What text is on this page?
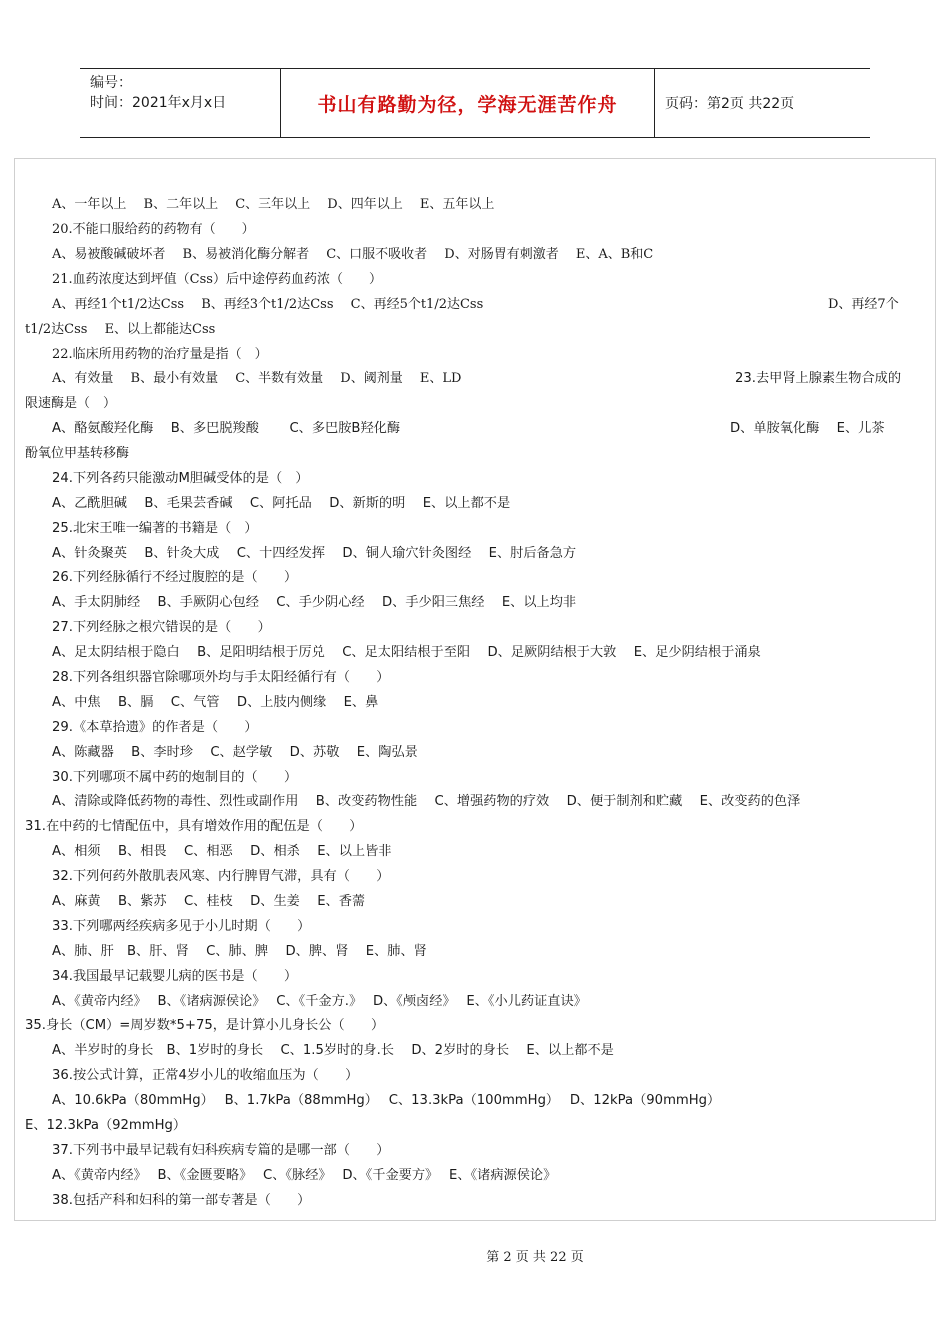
编号：
时间：2021年x月x日	书山有路勤为径，学海无涯苦作舟	页码：第2页 共22页
A、一年以上　 B、二年以上　 C、三年以上　 D、四年以上　 E、五年以上
20.不能口服给药的药物有（　　）
A、易被酸碱破坏者　 B、易被消化酶分解者　 C、口服不吸收者　 D、对肠胃有刺激者　 E、A、B和C
21.血药浓度达到坪值（Css）后中途停药血药浓（　　）
A、再经1个t1/2达Css　 B、再经3个t1/2达Css　 C、再经5个t1/2达Css	D、再经7个
t1/2达Css　 E、以上都能达Css
22.临床所用药物的治疗量是指（　）
A、有效量　 B、最小有效量　 C、半数有效量　 D、阈剂量　 E、LD	23.去甲肾上腺素生物合成的
限速酶是（　）
A、酪氨酸羟化酶　 B、多巴脱羧酸　　 C、多巴胺Β羟化酶	D、单胺氧化酶　 E、儿茶
酚氧位甲基转移酶
24.下列各药只能激动Μ胆碱受体的是（　）
A、乙酰胆碱　 B、毛果芸香碱　 C、阿托品　 D、新斯的明　 E、以上都不是
25.北宋王唯一编著的书籍是（　）
A、针灸聚英　 B、针灸大成　 C、十四经发挥　 D、铜人瑜穴针灸图经　 E、肘后备急方
26.下列经脉循行不经过腹腔的是（　　）
A、手太阴肺经　 B、手厥阴心包经　 C、手少阴心经　 D、手少阳三焦经　 E、以上均非
27.下列经脉之根穴错误的是（　　）
A、足太阴结根于隐白　 B、足阳明结根于厉兑　 C、足太阳结根于至阳　 D、足厥阴结根于大敦　 E、足少阴结根于涌泉
28.下列各组织器官除哪项外均与手太阳经循行有（　　）
A、中焦　 B、膈　 C、气管　 D、上肢内侧缘　 E、鼻
29.《本草拾遗》的作者是（　　）
A、陈藏器　 B、李时珍　 C、赵学敏　 D、苏敬　 E、陶弘景
30.下列哪项不属中药的炮制目的（　　）
A、清除或降低药物的毒性、烈性或副作用　 B、改变药物性能　 C、增强药物的疗效　 D、便于制剂和贮藏　 E、改变药的色泽
31.在中药的七情配伍中，具有增效作用的配伍是（　　）
A、相须　 B、相畏　 C、相恶　 D、相杀　 E、以上皆非
32.下列何药外散肌表风寒、内行脾胃气滞，具有（　　）
A、麻黄　 B、紫苏　 C、桂枝　 D、生姜　 E、香薷
33.下列哪两经疾病多见于小儿时期（　　）
A、肺、肝　B、肝、肾　 C、肺、脾　 D、脾、肾　 E、肺、肾
34.我国最早记载婴儿病的医书是（　　）
A、《黄帝内经》　 B、《诸病源侯论》　 C、《千金方.》　 D、《颅卤经》　 E、《小儿药证直诀》
35.身长（CM）=周岁数*5+75，是计算小儿身长公（　　）
A、半岁时的身长　B、1岁时的身长　 C、1.5岁时的身.长　 D、2岁时的身长　 E、以上都不是
36.按公式计算，正常4岁小儿的收缩血压为（　　）
A、10.6kPa（80mmHg）　 B、1.7kPa（88mmHg）　 C、13.3kPa（100mmHg）　 D、12kPa（90mmHg）
E、12.3kPa（92mmHg）
37.下列书中最早记载有妇科疾病专篇的是哪一部（　　）
A、《黄帝内经》　 B、《金匮要略》　 C、《脉经》　 D、《千金要方》　 E、《诸病源侯论》
38.包括产科和妇科的第一部专著是（　　）
第 2 页 共 22 页
